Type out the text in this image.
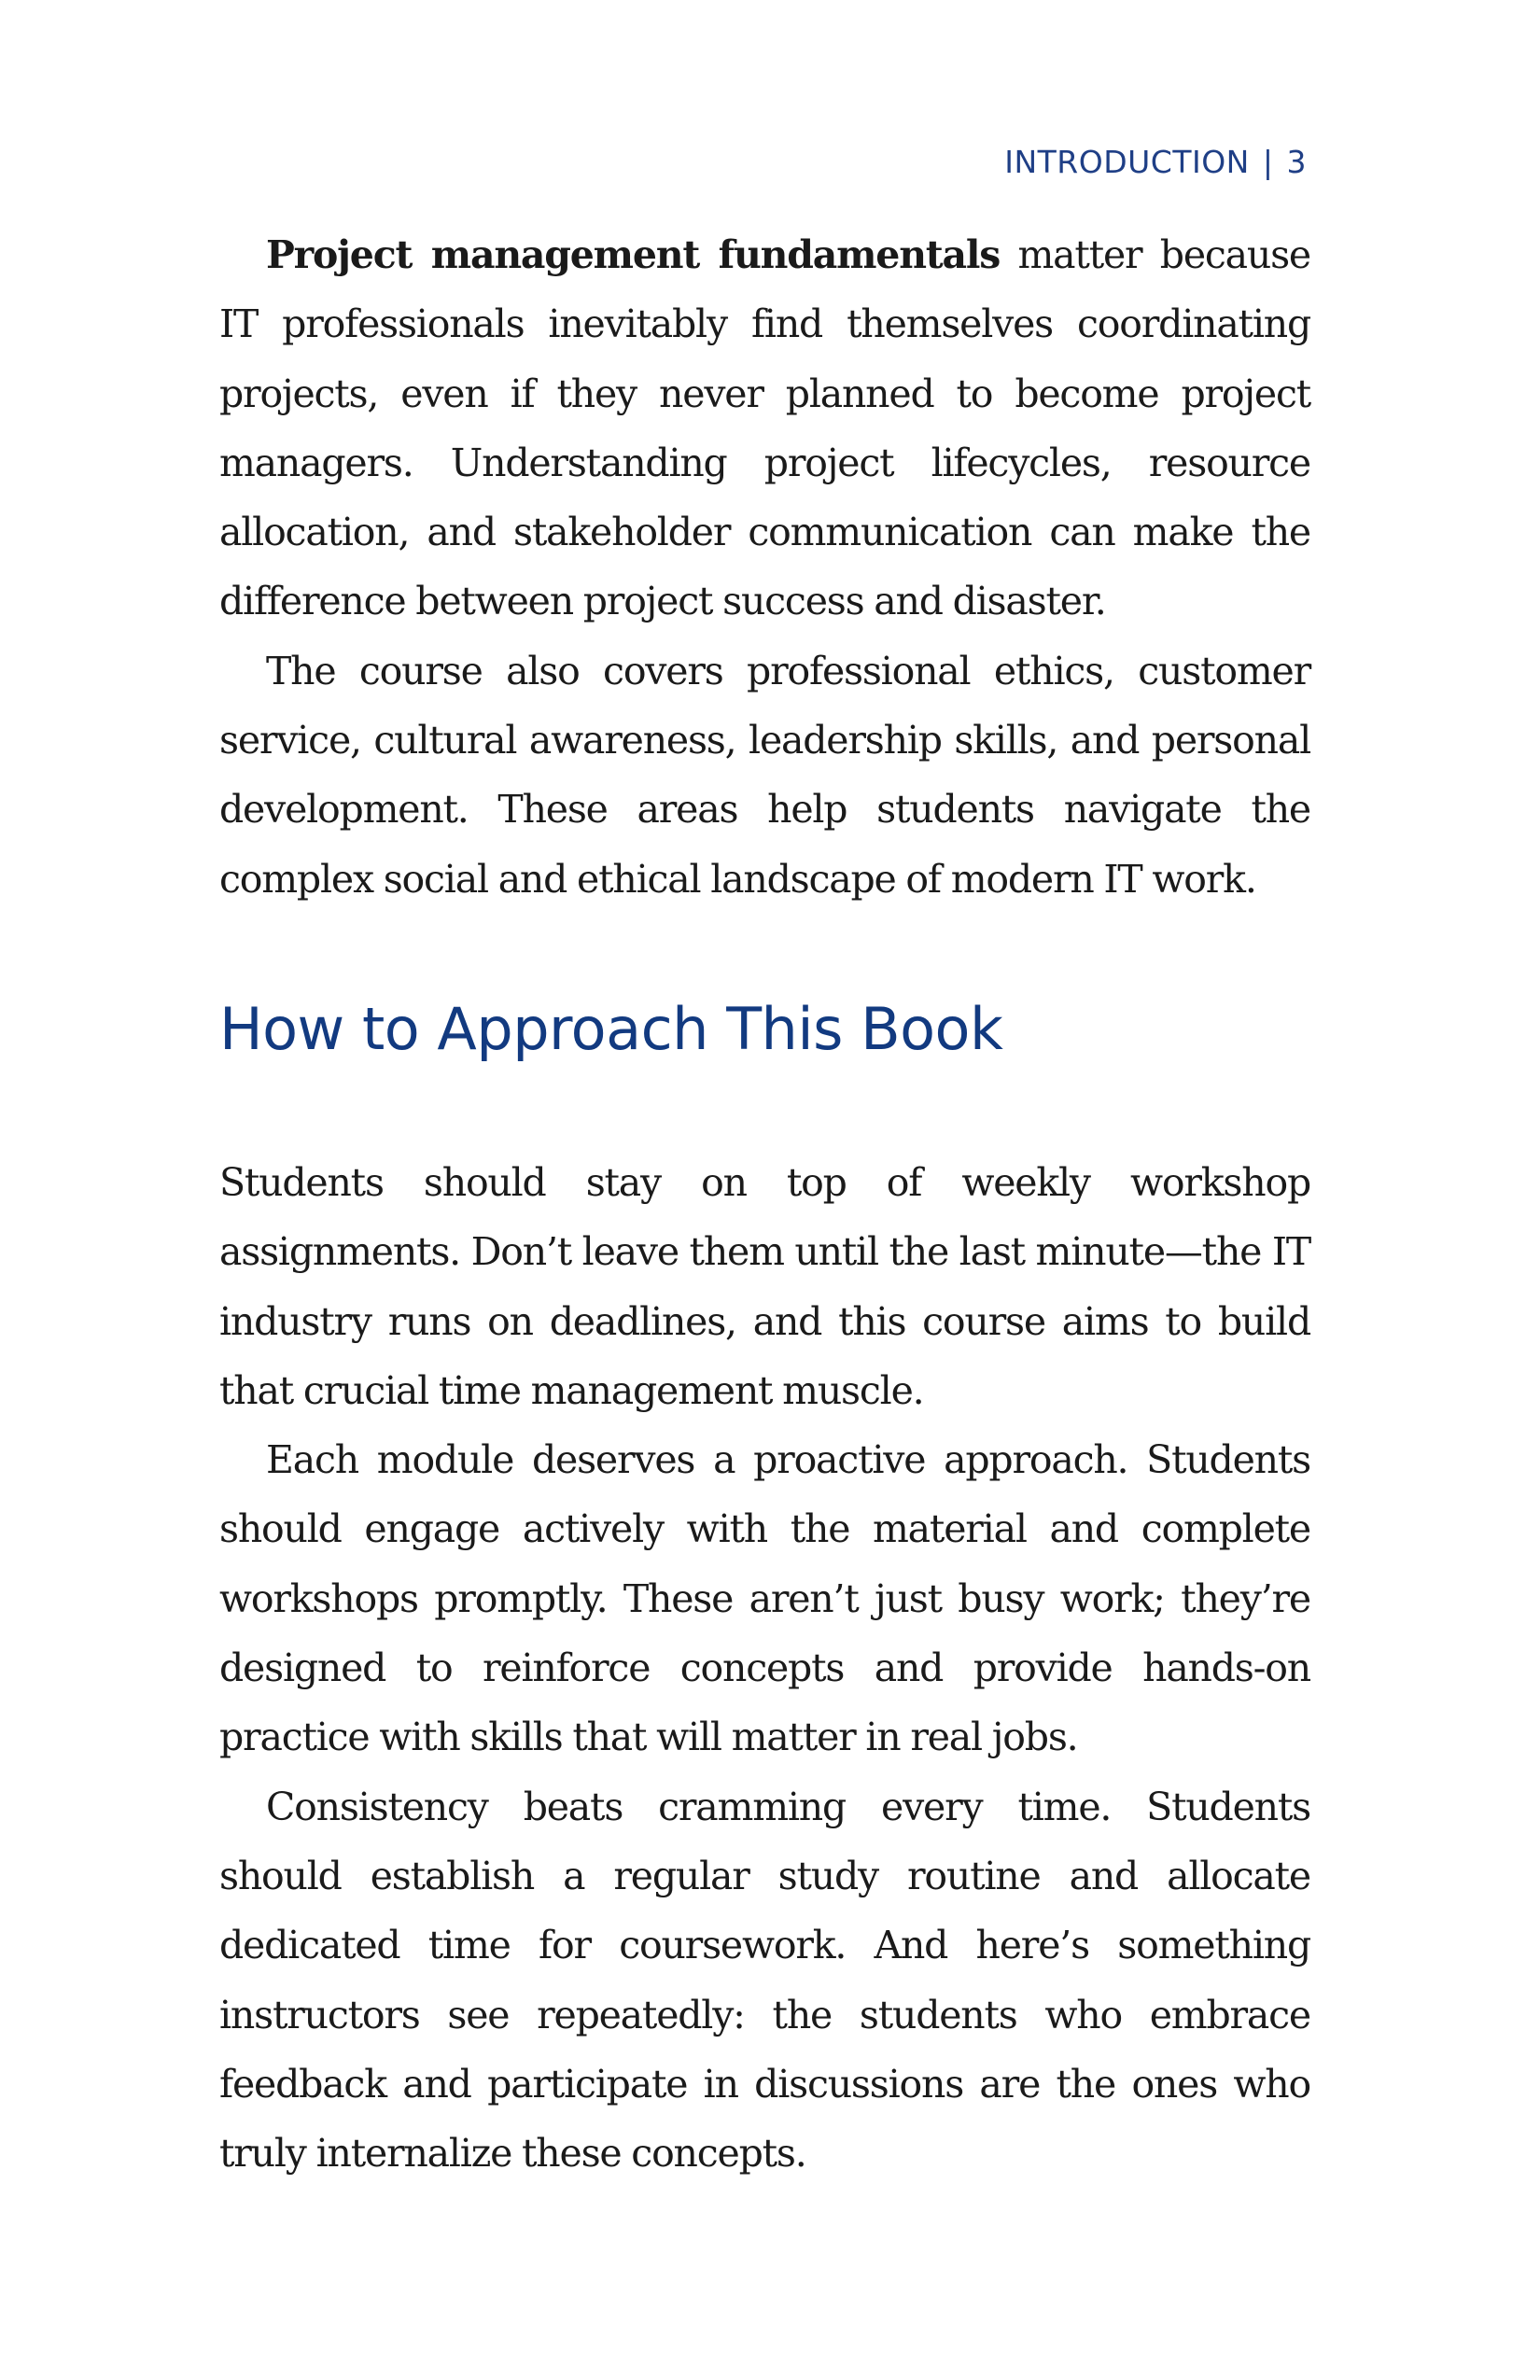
INTRODUCTION | 3

Project management fundamentals matter because IT professionals inevitably find themselves coordinating projects, even if they never planned to become project managers. Understanding project lifecycles, resource allocation, and stakeholder communication can make the difference between project success and disaster.

The course also covers professional ethics, customer service, cultural awareness, leadership skills, and personal development. These areas help students navigate the complex social and ethical landscape of modern IT work.

How to Approach This Book

Students should stay on top of weekly workshop assignments. Don’t leave them until the last minute—the IT industry runs on deadlines, and this course aims to build that crucial time management muscle.

Each module deserves a proactive approach. Students should engage actively with the material and complete workshops promptly. These aren’t just busy work; they’re designed to reinforce concepts and provide hands-on practice with skills that will matter in real jobs.

Consistency beats cramming every time. Students should establish a regular study routine and allocate dedicated time for coursework. And here’s something instructors see repeatedly: the students who embrace feedback and participate in discussions are the ones who truly internalize these concepts.
